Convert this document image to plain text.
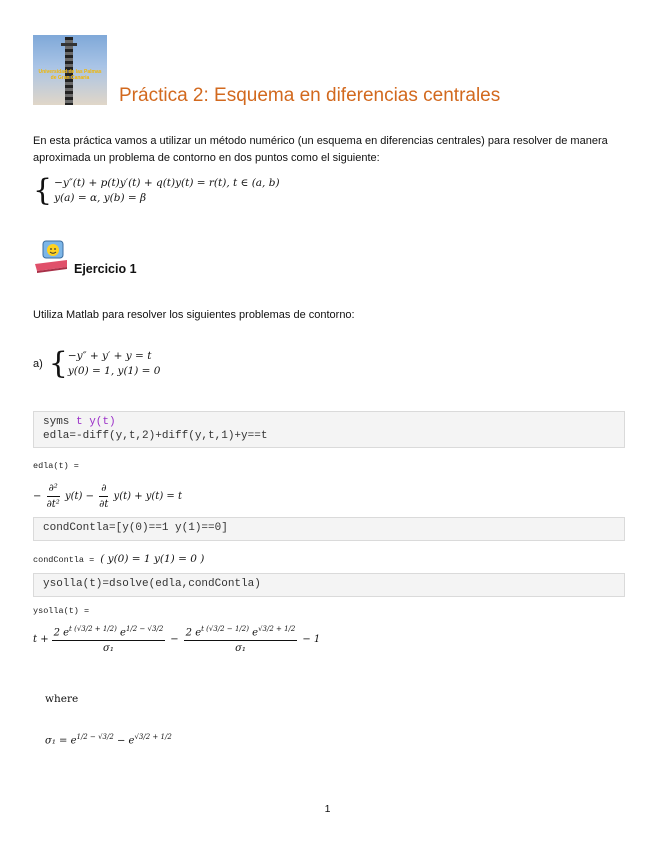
Universidad de las Palmas de Gran Canaria
Práctica 2: Esquema en diferencias centrales
En esta práctica vamos a utilizar un método numérico (un esquema en diferencias centrales) para resolver de manera aproximada un problema de contorno en dos puntos como el siguiente:
{ −y″(t) + p(t)y′(t) + q(t)y(t) = r(t), t ∈ (a, b)
y(a) = α, y(b) = β
Ejercicio 1
Utiliza Matlab para resolver los siguientes problemas de contorno:
a) { −y″ + y′ + y = t
y(0) = 1, y(1) = 0
syms t y(t)
edla=-diff(y,t,2)+diff(y,t,1)+y==t
edla(t) =
− $\frac{\text{∂²}}{\text{∂t²}} y(t) - \frac{\partial}{\partial t} y(t) + y(t) = t$
condContla=[y(0)==1 y(1)==0]
condContla = ( y(0) = 1 y(1) = 0 )
ysolla(t)=dsolve(edla,condContla)
ysolla(t) =
$t + \frac{2 e^{t (√3/2 + 1/2)} e^{1/2 - √3/2}}{\text{σ₁}} - \frac{2 e^{t (√3/2 - 1/2)} e^{√3/2 + 1/2}}{\text{σ₁}} - 1$
where
$\sigma_1 = e^{1/2 - √3/2} - e^{√3/2 + 1/2}$
1
